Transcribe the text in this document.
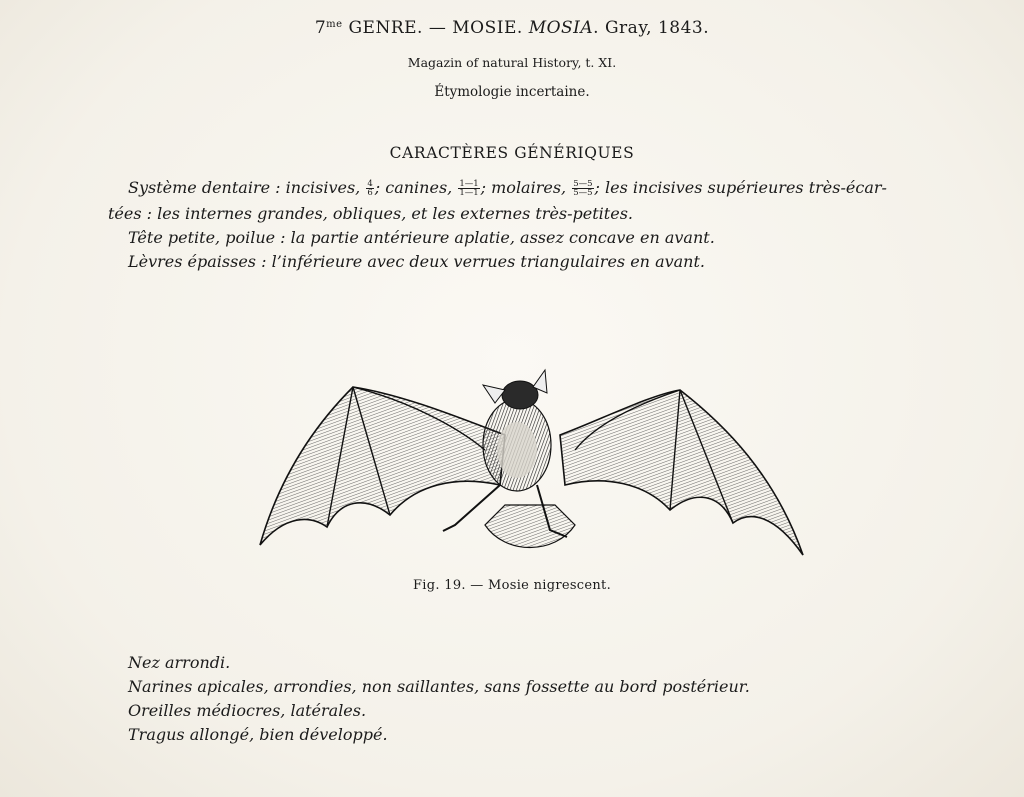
$7^{me}$ GENRE. — MOSIE. MOSIA. Gray, 1843.
Magazin of natural History, t. XI.
Étymologie incertaine.
CARACTÈRES GÉNÉRIQUES
Système dentaire : incisives, $\frac{4}{6}$ ; canines, $\frac{1—1}{1—1}$ ; molaires, $\frac{5—5}{5—5}$ ; les incisives supérieures très-écar-
tées : les internes grandes, obliques, et les externes très-petites.
Tête petite, poilue : la partie antérieure aplatie, assez concave en avant.
Lèvres épaisses : l’inférieure avec deux verrues triangulaires en avant.
Fig. 19. — Mosie nigrescent.
Nez arrondi.
Narines apicales, arrondies, non saillantes, sans fossette au bord postérieur.
Oreilles médiocres, latérales.
Tragus allongé, bien développé.
